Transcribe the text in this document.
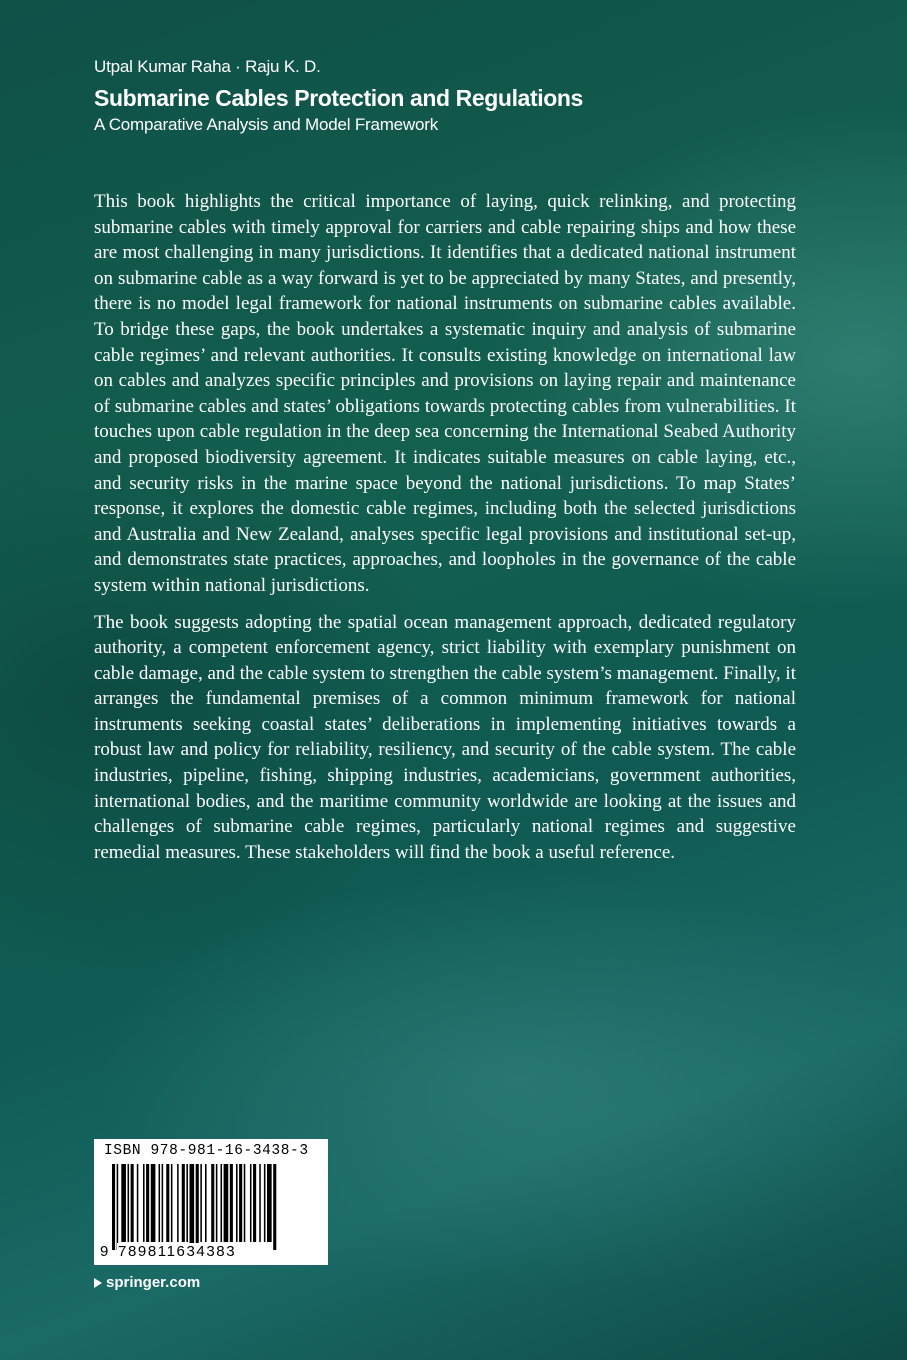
Utpal Kumar Raha · Raju K. D.

Submarine Cables Protection and Regulations

A Comparative Analysis and Model Framework

This book highlights the critical importance of laying, quick relinking, and protecting submarine cables with timely approval for carriers and cable repairing ships and how these are most challenging in many jurisdictions. It identifies that a dedicated national instrument on submarine cable as a way forward is yet to be appreciated by many States, and presently, there is no model legal framework for national instruments on submarine cables available. To bridge these gaps, the book undertakes a systematic inquiry and analysis of submarine cable regimes’ and relevant authorities. It consults existing knowledge on international law on cables and analyzes specific principles and provisions on laying repair and maintenance of submarine cables and states’ obligations towards protecting cables from vulnerabilities. It touches upon cable regulation in the deep sea concerning the International Seabed Authority and proposed biodiversity agreement. It indicates suitable measures on cable laying, etc., and security risks in the marine space beyond the national jurisdictions. To map States’ response, it explores the domestic cable regimes, including both the selected jurisdictions and Australia and New Zealand, analyses specific legal provisions and institutional set-up, and demonstrates state practices, approaches, and loopholes in the governance of the cable system within national jurisdictions.

The book suggests adopting the spatial ocean management approach, dedicated regulatory authority, a competent enforcement agency, strict liability with exemplary punishment on cable damage, and the cable system to strengthen the cable system’s management. Finally, it arranges the fundamental premises of a common minimum framework for national instruments seeking coastal states’ deliberations in implementing initiatives towards a robust law and policy for reliability, resiliency, and security of the cable system. The cable industries, pipeline, fishing, shipping industries, academicians, government authorities, international bodies, and the maritime community worldwide are looking at the issues and challenges of submarine cable regimes, particularly national regimes and suggestive remedial measures. These stakeholders will find the book a useful reference.

ISBN 978-981-16-3438-3
9 789811634383
springer.com
